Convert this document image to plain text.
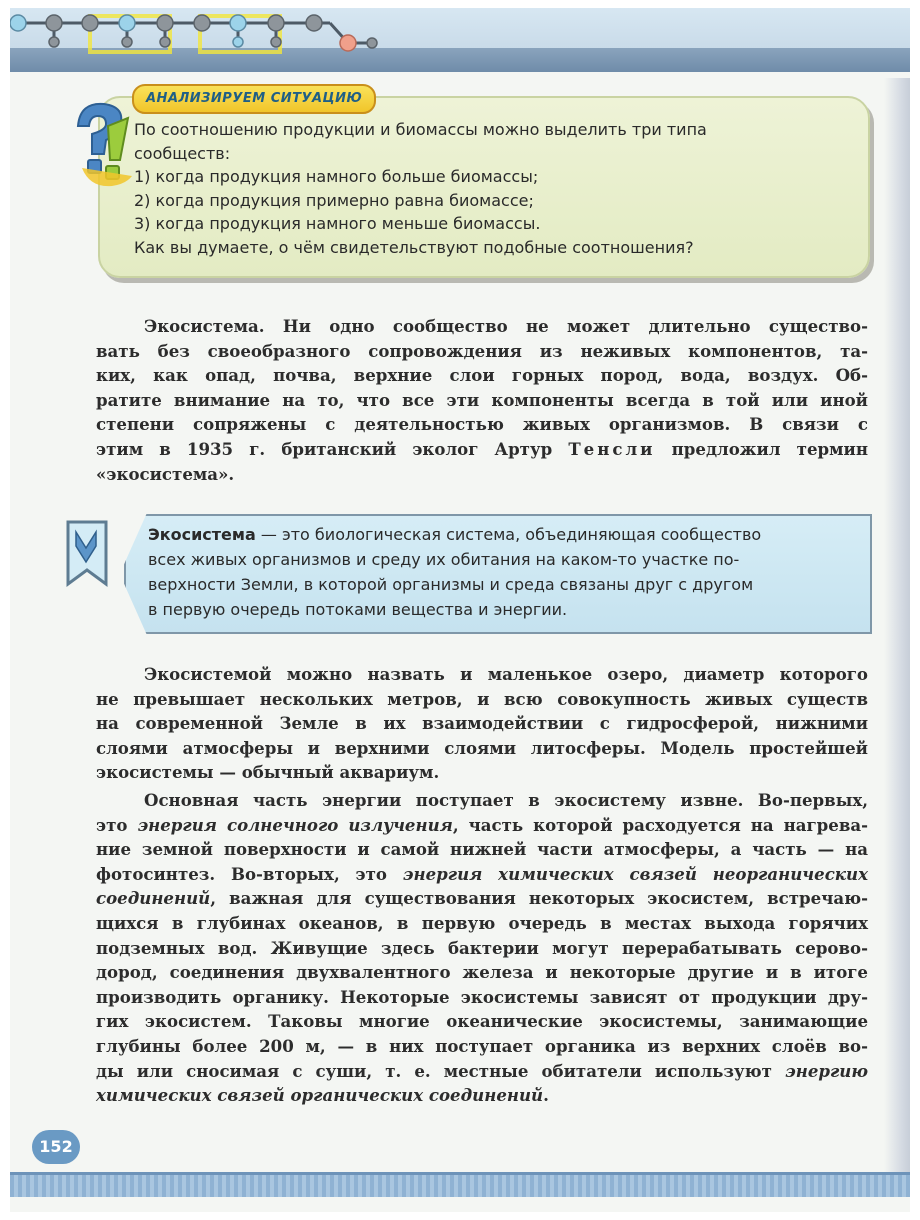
152
АНАЛИЗИРУЕМ СИТУАЦИЮ
По соотношению продукции и биомассы можно выделить три типа
сообществ:
1) когда продукция намного больше биомассы;
2) когда продукция примерно равна биомассе;
3) когда продукция намного меньше биомассы.
Как вы думаете, о чём свидетельствуют подобные соотношения?
Экосистема. Ни одно сообщество не может длительно существо-
вать без своеобразного сопровождения из неживых компонентов, та-
ких, как опад, почва, верхние слои горных пород, вода, воздух. Об-
ратите внимание на то, что все эти компоненты всегда в той или иной
степени сопряжены с деятельностью живых организмов. В связи с
этим в 1935 г. британский эколог Артур Тенсли предложил термин
«экосистема».
Экосистема — это биологическая система, объединяющая сообщество
всех живых организмов и среду их обитания на каком-то участке по-
верхности Земли, в которой организмы и среда связаны друг с другом
в первую очередь потоками вещества и энергии.
Экосистемой можно назвать и маленькое озеро, диаметр которого
не превышает нескольких метров, и всю совокупность живых существ
на современной Земле в их взаимодействии с гидросферой, нижними
слоями атмосферы и верхними слоями литосферы. Модель простейшей
экосистемы — обычный аквариум.
Основная часть энергии поступает в экосистему извне. Во-первых,
это энергия солнечного излучения, часть которой расходуется на нагрева-
ние земной поверхности и самой нижней части атмосферы, а часть — на
фотосинтез. Во-вторых, это энергия химических связей неорганических
соединений, важная для существования некоторых экосистем, встречаю-
щихся в глубинах океанов, в первую очередь в местах выхода горячих
подземных вод. Живущие здесь бактерии могут перерабатывать серово-
дород, соединения двухвалентного железа и некоторые другие и в итоге
производить органику. Некоторые экосистемы зависят от продукции дру-
гих экосистем. Таковы многие океанические экосистемы, занимающие
глубины более 200 м, — в них поступает органика из верхних слоёв во-
ды или сносимая с суши, т. е. местные обитатели используют энергию
химических связей органических соединений.
